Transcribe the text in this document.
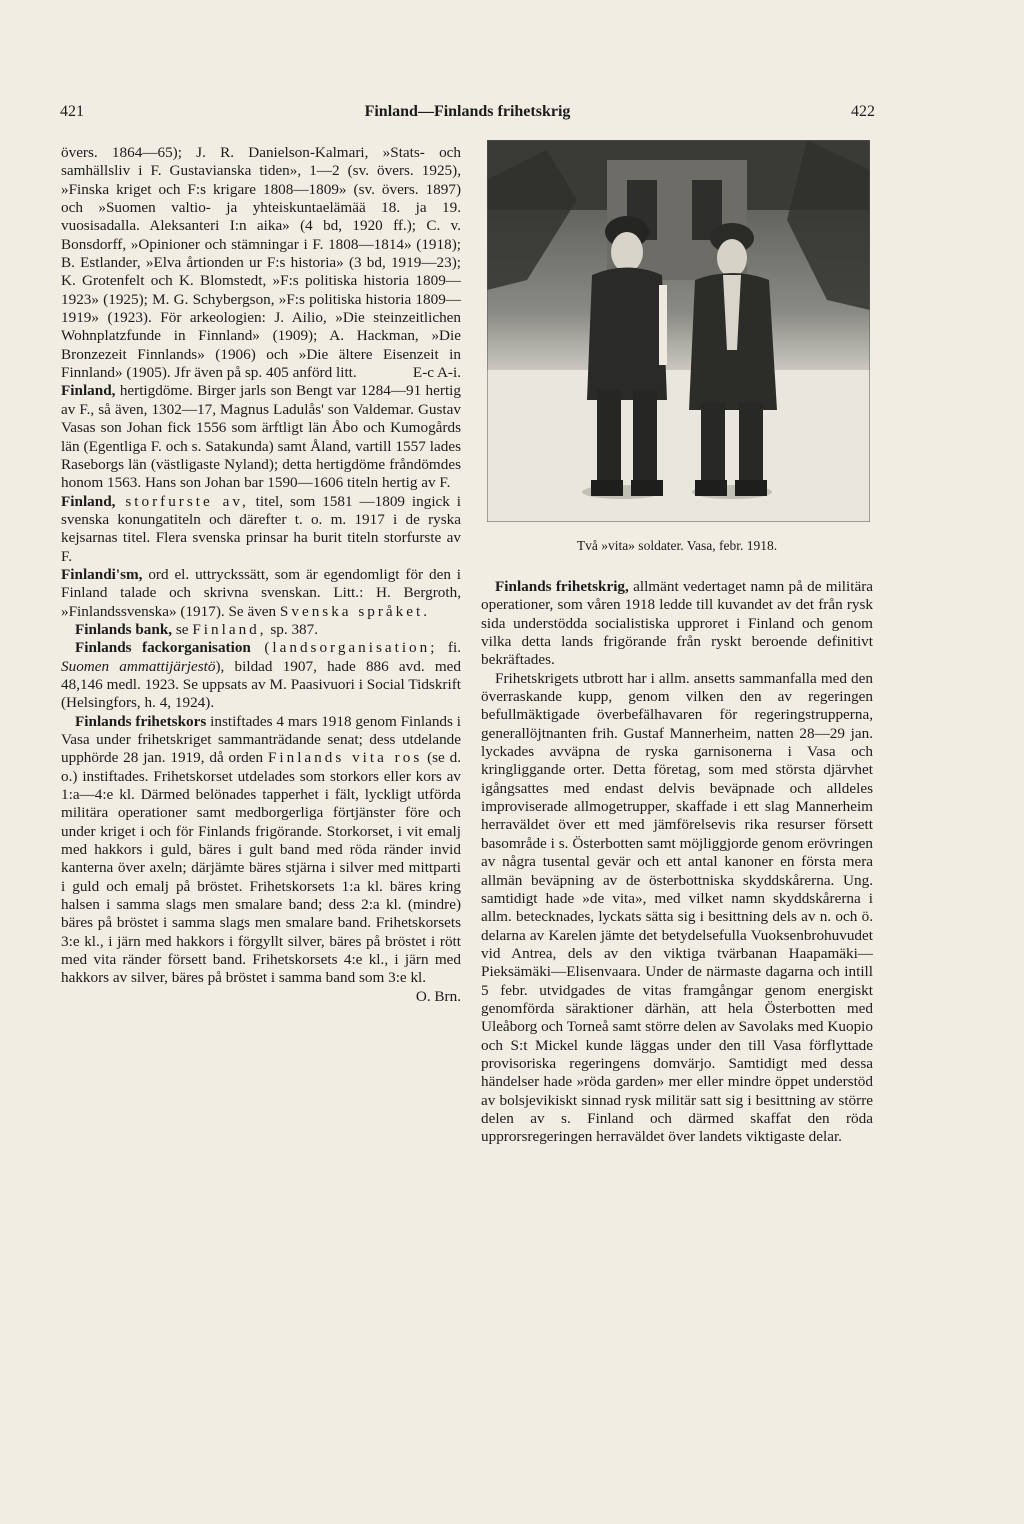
421	Finland—Finlands frihetskrig	422

övers. 1864—65); J. R. Danielson-Kalmari, »Stats- och samhällsliv i F. Gustavianska tiden», 1—2 (sv. övers. 1925), »Finska kriget och F:s krigare 1808—1809» (sv. övers. 1897) och »Suomen valtio- ja yhteiskuntaelämää 18. ja 19. vuosisadalla. Aleksanteri I:n aika» (4 bd, 1920 ff.); C. v. Bonsdorff, »Opinioner och stämningar i F. 1808—1814» (1918); B. Estlander, »Elva årtionden ur F:s historia» (3 bd, 1919—23); K. Grotenfelt och K. Blomstedt, »F:s politiska historia 1809—1923» (1925); M. G. Schybergson, »F:s politiska historia 1809—1919» (1923). För arkeologien: J. Ailio, »Die steinzeitlichen Wohnplatzfunde in Finnland» (1909); A. Hackman, »Die Bronzezeit Finnlands» (1906) och »Die ältere Eisenzeit in Finnland» (1905). Jfr även på sp. 405 anförd litt.	E-c A-i.

Finland, hertigdöme. Birger jarls son Bengt var 1284—91 hertig av F., så även, 1302—17, Magnus Ladulås' son Valdemar. Gustav Vasas son Johan fick 1556 som ärftligt län Åbo och Kumogårds län (Egentliga F. och s. Satakunda) samt Åland, vartill 1557 lades Raseborgs län (västligaste Nyland); detta hertigdöme fråndömdes honom 1563. Hans son Johan bar 1590—1606 titeln hertig av F.

Finland, storfurste av, titel, som 1581 —1809 ingick i svenska konungatiteln och därefter t. o. m. 1917 i de ryska kejsarnas titel. Flera svenska prinsar ha burit titeln storfurste av F.

Finlandi'sm, ord el. uttryckssätt, som är egendomligt för den i Finland talade och skrivna svenskan. Litt.: H. Bergroth, »Finlandssvenska» (1917). Se även Svenska språket.

Finlands bank, se Finland, sp. 387.

Finlands fackorganisation (landsorganisation; fi. Suomen ammattijärjestö), bildad 1907, hade 886 avd. med 48,146 medl. 1923. Se uppsats av M. Paasivuori i Social Tidskrift (Helsingfors, h. 4, 1924).

Finlands frihetskors instiftades 4 mars 1918 genom Finlands i Vasa under frihetskriget sammanträdande senat; dess utdelande upphörde 28 jan. 1919, då orden Finlands vita ros (se d. o.) instiftades. Frihetskorset utdelades som storkors eller kors av 1:a—4:e kl. Därmed belönades tapperhet i fält, lyckligt utförda militära operationer samt medborgerliga förtjänster före och under kriget i och för Finlands frigörande. Storkorset, i vit emalj med hakkors i guld, bäres i gult band med röda ränder invid kanterna över axeln; därjämte bäres stjärna i silver med mittparti i guld och emalj på bröstet. Frihetskorsets 1:a kl. bäres kring halsen i samma slags men smalare band; dess 2:a kl. (mindre) bäres på bröstet i samma slags men smalare band. Frihetskorsets 3:e kl., i järn med hakkors i förgyllt silver, bäres på bröstet i rött med vita ränder försett band. Frihetskorsets 4:e kl., i järn med hakkors av silver, bäres på bröstet i samma band som 3:e kl.
O. Brn.

Två »vita» soldater. Vasa, febr. 1918.

Finlands frihetskrig, allmänt vedertaget namn på de militära operationer, som våren 1918 ledde till kuvandet av det från rysk sida understödda socialistiska upproret i Finland och genom vilka detta lands frigörande från ryskt beroende definitivt bekräftades.

Frihetskrigets utbrott har i allm. ansetts sammanfalla med den överraskande kupp, genom vilken den av regeringen befullmäktigade överbefälhavaren för regeringstrupperna, generallöjtnanten frih. Gustaf Mannerheim, natten 28—29 jan. lyckades avväpna de ryska garnisonerna i Vasa och kringliggande orter. Detta företag, som med största djärvhet igångsattes med endast delvis beväpnade och alldeles improviserade allmogetrupper, skaffade i ett slag Mannerheim herraväldet över ett med jämförelsevis rika resurser försett basområde i s. Österbotten samt möjliggjorde genom erövringen av några tusental gevär och ett antal kanoner en första mera allmän beväpning av de österbottniska skyddskårerna. Ung. samtidigt hade »de vita», med vilket namn skyddskårerna i allm. betecknades, lyckats sätta sig i besittning dels av n. och ö. delarna av Karelen jämte det betydelsefulla Vuoksenbrohuvudet vid Antrea, dels av den viktiga tvärbanan Haapamäki—Pieksämäki—Elisenvaara. Under de närmaste dagarna och intill 5 febr. utvidgades de vitas framgångar genom energiskt genomförda säraktioner därhän, att hela Österbotten med Uleåborg och Torneå samt större delen av Savolaks med Kuopio och S:t Mickel kunde läggas under den till Vasa förflyttade provisoriska regeringens domvärjo. Samtidigt med dessa händelser hade »röda garden» mer eller mindre öppet understöd av bolsjevikiskt sinnad rysk militär satt sig i besittning av större delen av s. Finland och därmed skaffat den röda upprorsregeringen herraväldet över landets viktigaste delar.
